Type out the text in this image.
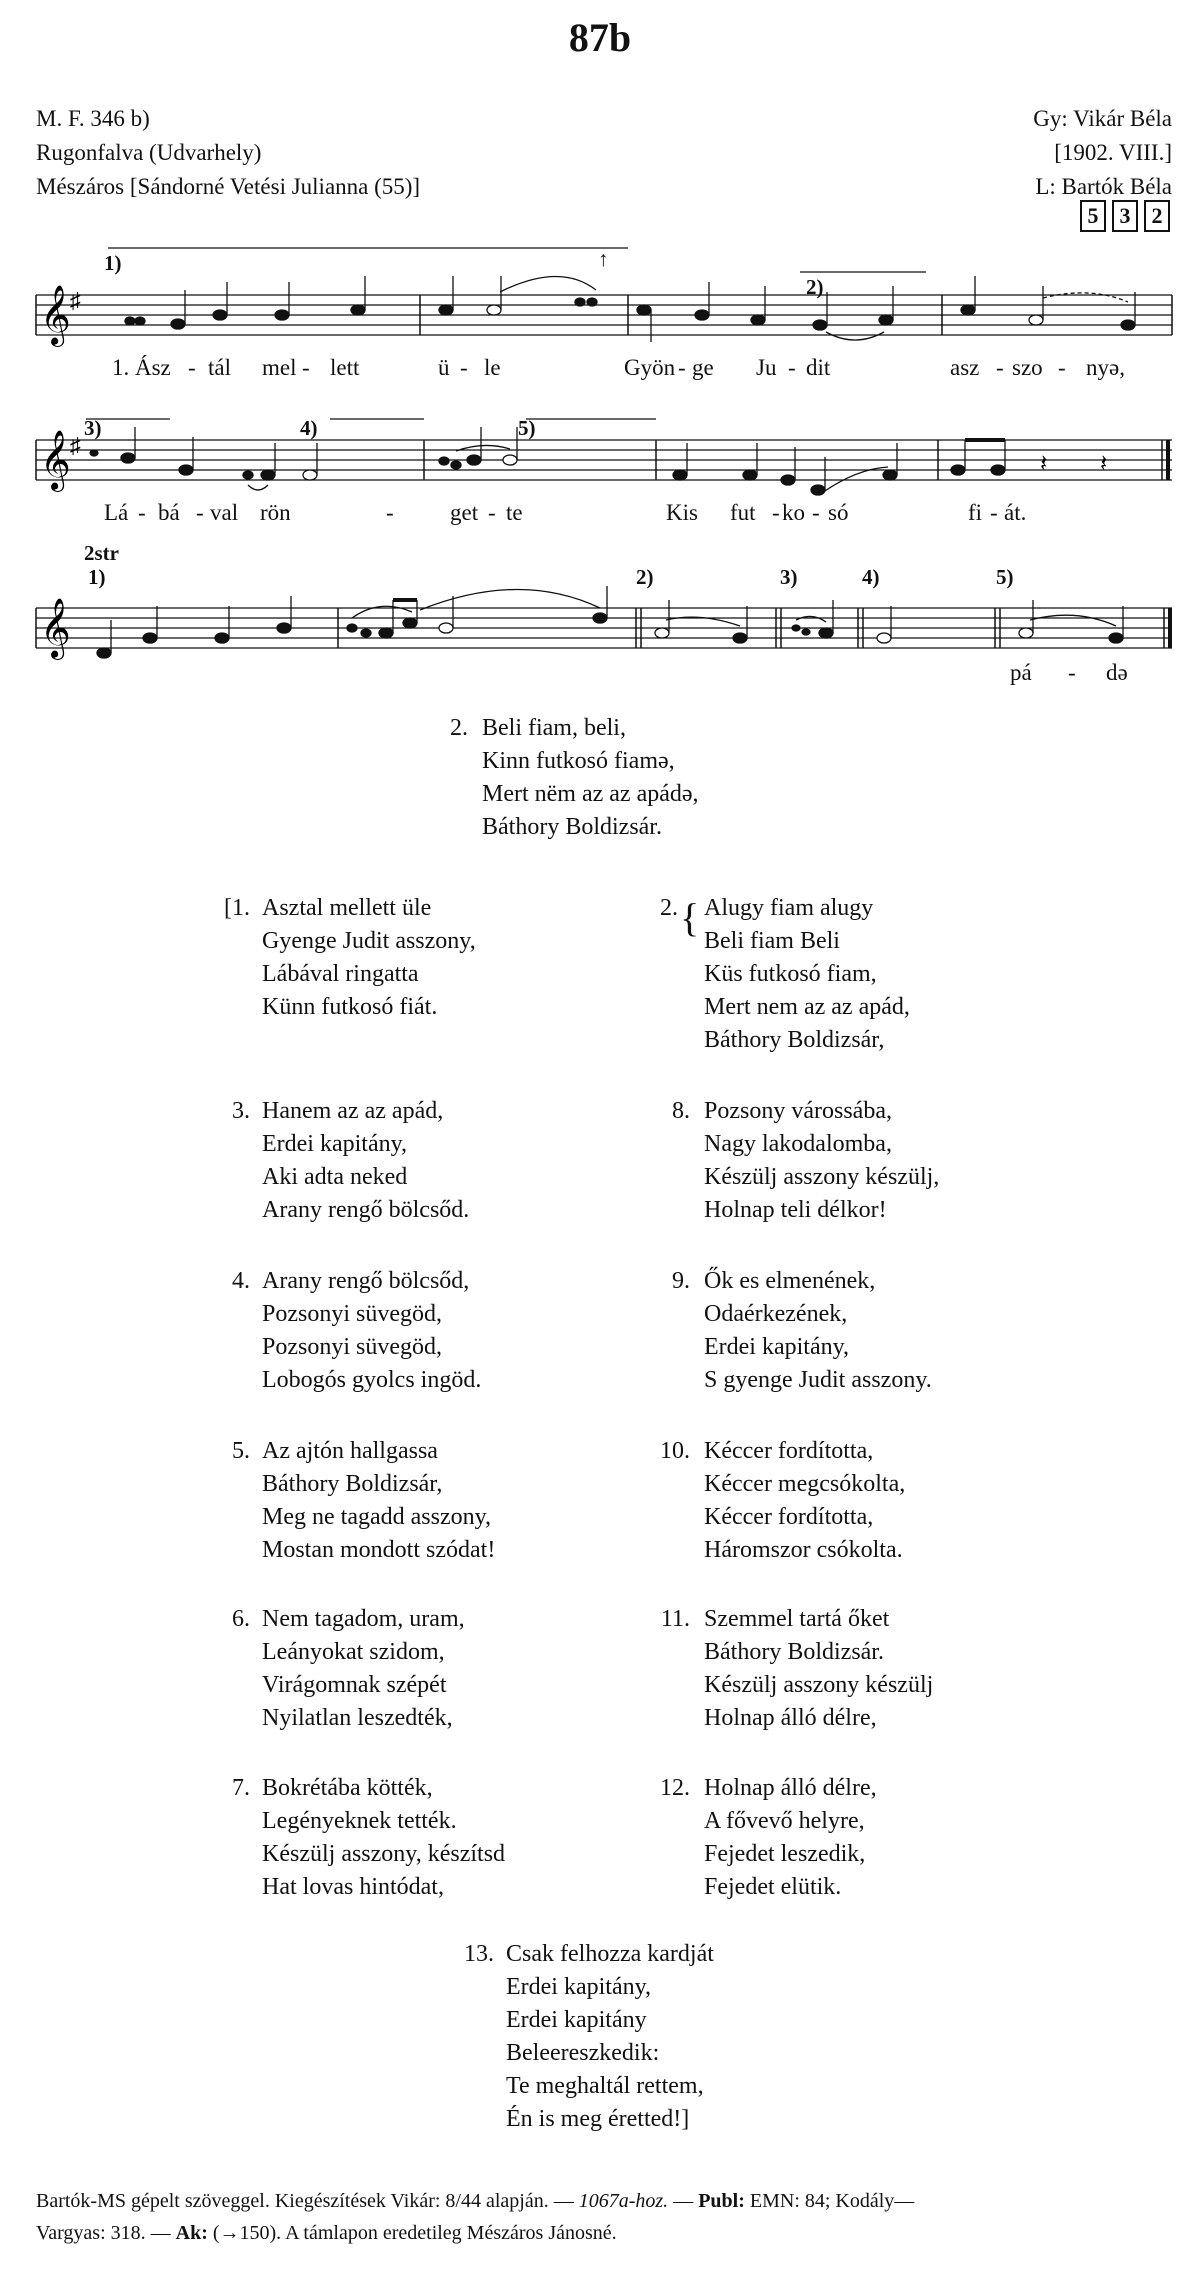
87b
M. F. 346 b)
Rugonfalva (Udvarhely)
Mészáros [Sándorné Vetési Julianna (55)]
Gy: Vikár Béla
[1902. VIII.]
L: Bartók Béla
5 3 2
𝄞 ♯
1)
2)
↑
1. Ász - tál mel - lett	ü - le	Gyön - ge Ju - dit	asz - szo - nyə,
𝄞 ♯
3)	4)	5)
𝄽 𝄽
Lá - bá - val rön	- get - te	Kis fut - ko - só	fi - át.
2str
1)	2)	3)	4)	5)
𝄞
pá - də
2. Beli fiam, beli,
Kinn futkosó fiamə,
Mert nëm az az apádə,
Báthory Boldizsár.
[1. Asztal mellett üle
Gyenge Judit asszony,
Lábával ringatta
Künn futkosó fiát.
3. Hanem az az apád,
Erdei kapitány,
Aki adta neked
Arany rengő bölcsőd.
4. Arany rengő bölcsőd,
Pozsonyi süvegöd,
Pozsonyi süvegöd,
Lobogós gyolcs ingöd.
5. Az ajtón hallgassa
Báthory Boldizsár,
Meg ne tagadd asszony,
Mostan mondott szódat!
6. Nem tagadom, uram,
Leányokat szidom,
Virágomnak szépét
Nyilatlan leszedték,
7. Bokrétába kötték,
Legényeknek tették.
Készülj asszony, készítsd
Hat lovas hintódat,
2. { Alugy fiam alugy
Beli fiam Beli
Küs futkosó fiam,
Mert nem az az apád,
Báthory Boldizsár,
8. Pozsony várossába,
Nagy lakodalomba,
Készülj asszony készülj,
Holnap teli délkor!
9. Ők es elmenének,
Odaérkezének,
Erdei kapitány,
S gyenge Judit asszony.
10. Kéccer fordította,
Kéccer megcsókolta,
Kéccer fordította,
Háromszor csókolta.
11. Szemmel tartá őket
Báthory Boldizsár.
Készülj asszony készülj
Holnap álló délre,
12. Holnap álló délre,
A fővevő helyre,
Fejedet leszedik,
Fejedet elütik.
13. Csak felhozza kardját
Erdei kapitány,
Erdei kapitány
Beleereszkedik:
Te meghaltál rettem,
Én is meg éretted!]
Bartók-MS gépelt szöveggel. Kiegészítések Vikár: 8/44 alapján. — 1067a-hoz. — Publ: EMN: 84; Kodály—
Vargyas: 318. — Ak: (→150). A támlapon eredetileg Mészáros Jánosné.
